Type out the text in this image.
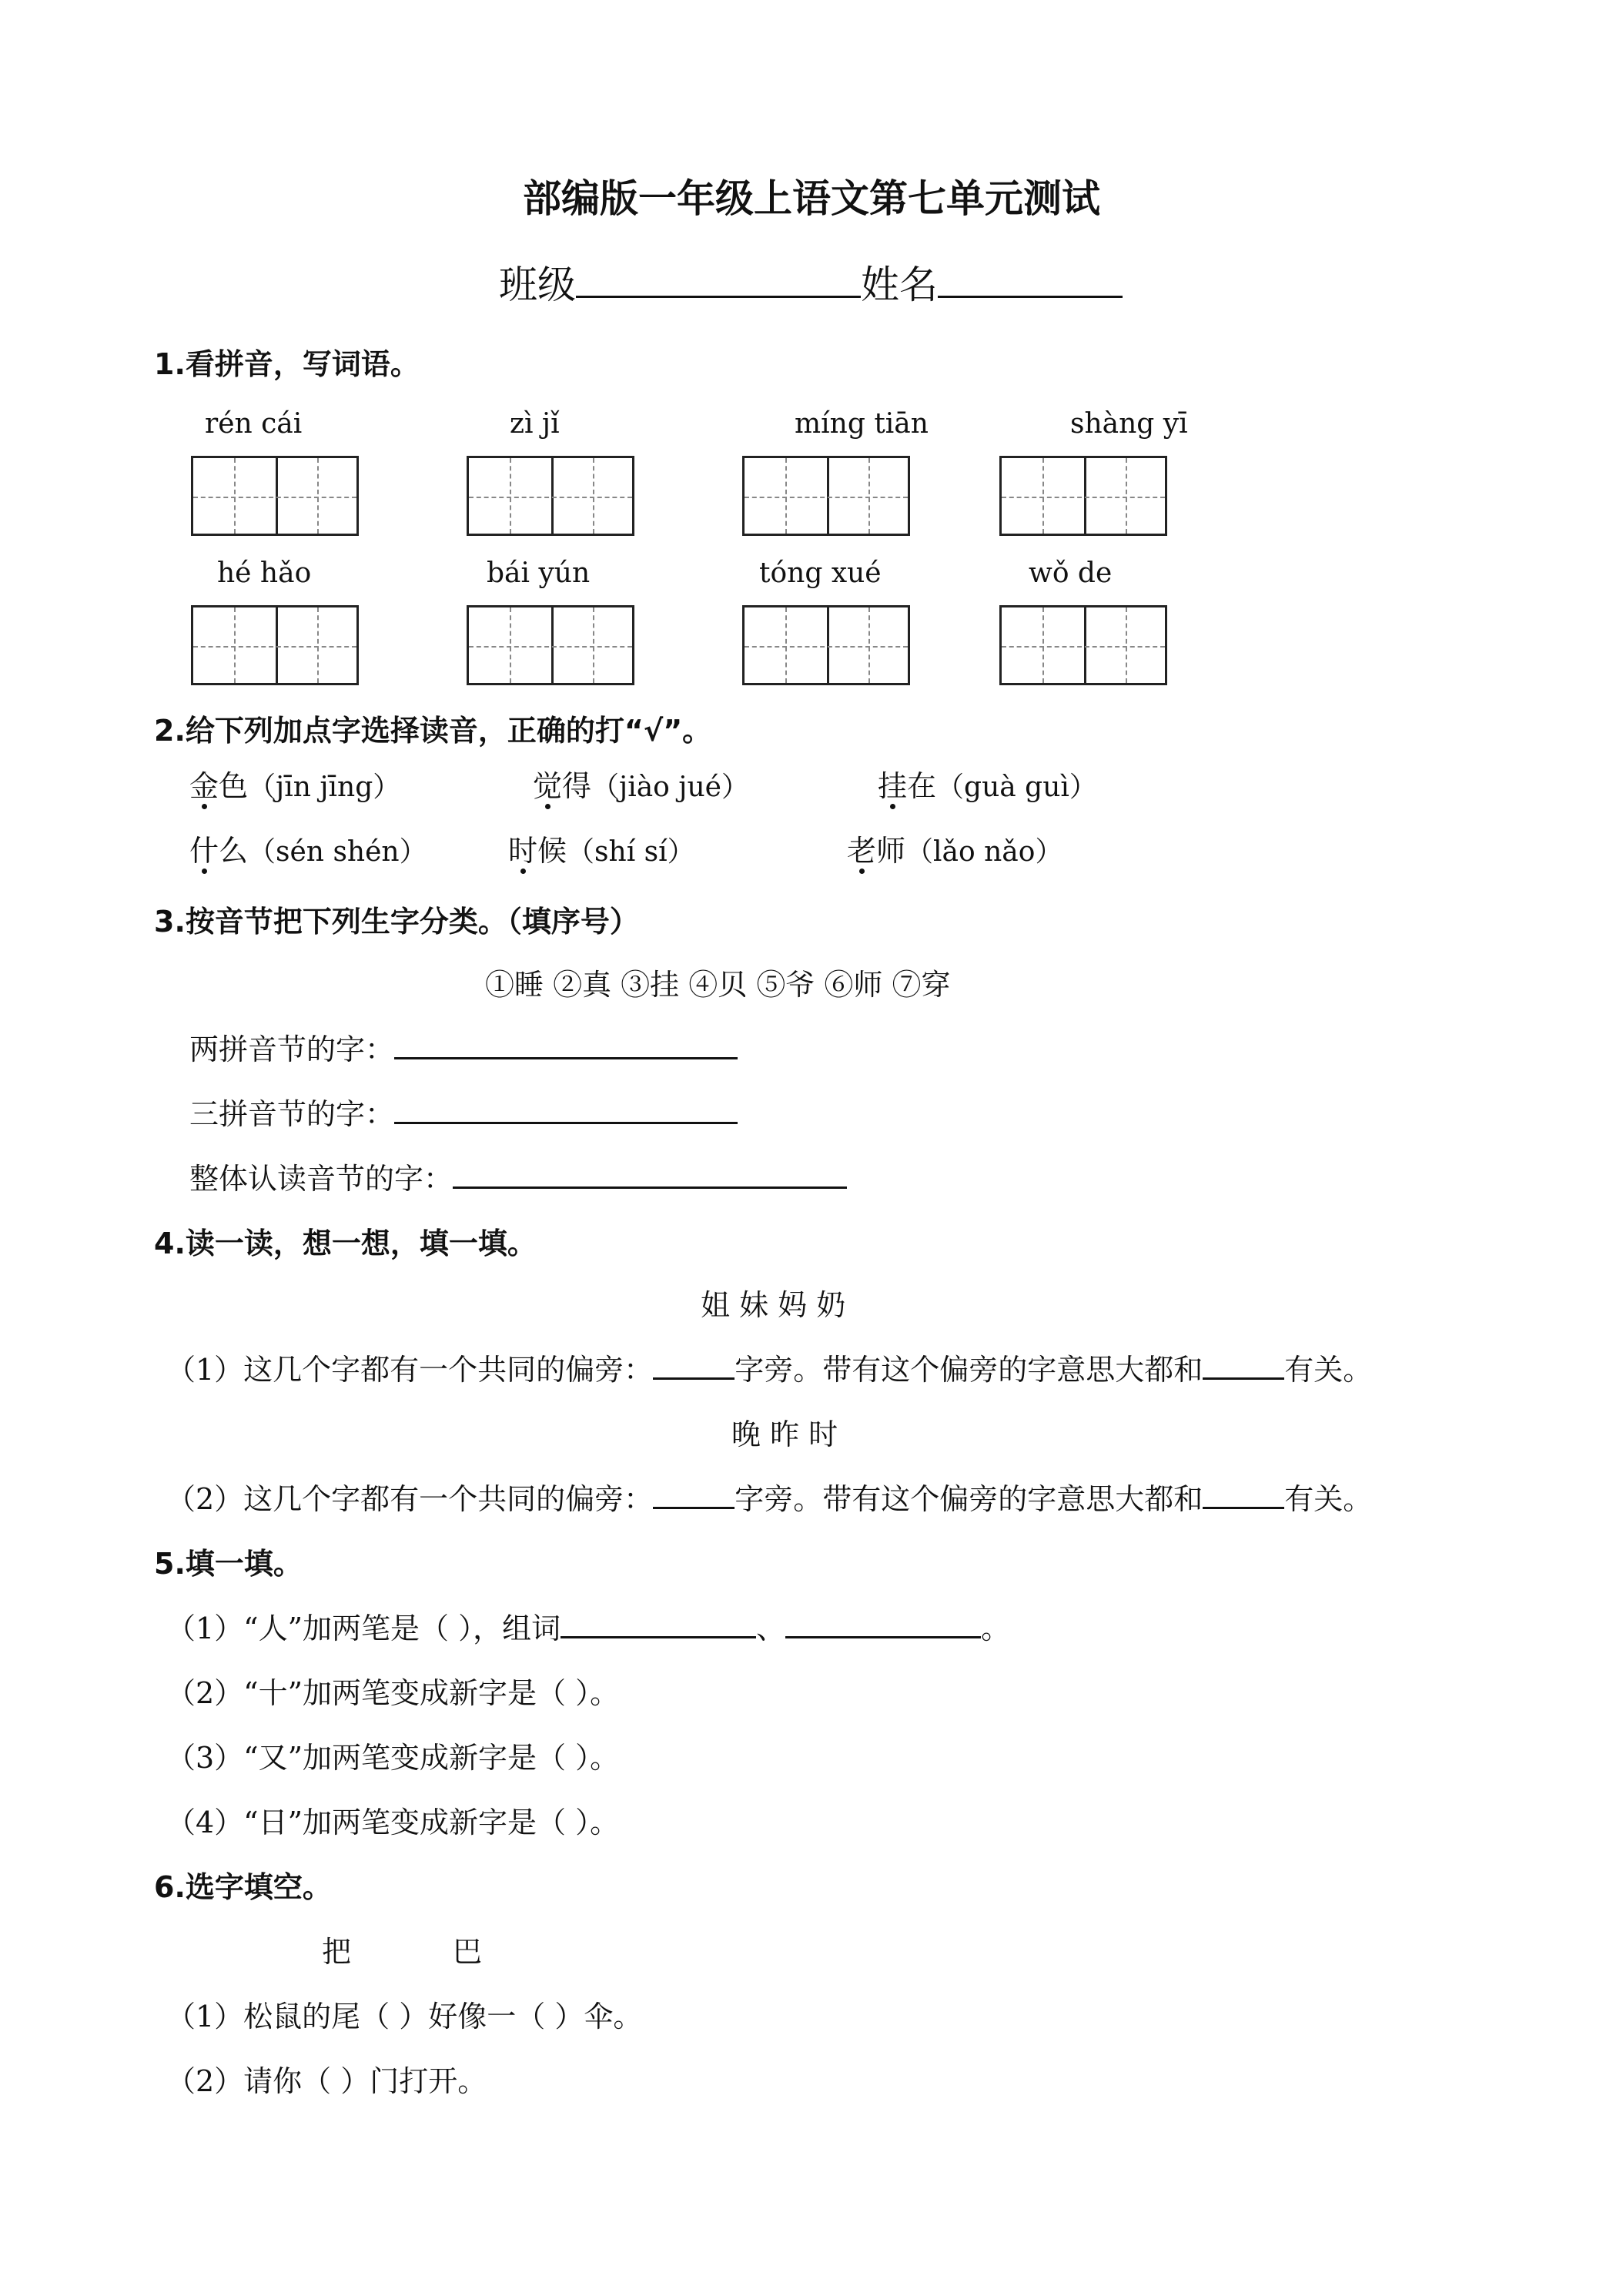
部编版一年级上语文第七单元测试
班级	姓名
1.看拼音，写词语。
rén cái	zì jǐ	míng tiān	shàng yī
hé hǎo	bái yún	tóng xué	wǒ de
2.给下列加点字选择读音，正确的打“√”。
金色（jīn jīng）	觉得（jiào jué）	挂在（guà guì）
什么（sén shén）	时候（shí sí）	老师（lǎo nǎo）
3.按音节把下列生字分类。（填序号）
①睡 ②真 ③挂 ④贝 ⑤爷 ⑥师 ⑦穿
两拼音节的字：
三拼音节的字：
整体认读音节的字：
4.读一读，想一想，填一填。
姐 妹 妈 奶
（1）这几个字都有一个共同的偏旁：	字旁。带有这个偏旁的字意思大都和	有关。
晚 昨 时
（2）这几个字都有一个共同的偏旁：	字旁。带有这个偏旁的字意思大都和	有关。
5.填一填。
（1）“人”加两笔是（ ），组词	、	。
（2）“十”加两笔变成新字是（ ）。
（3）“又”加两笔变成新字是（ ）。
（4）“日”加两笔变成新字是（ ）。
6.选字填空。
把	巴
（1）松鼠的尾（ ）好像一（ ）伞。
（2）请你（ ）门打开。
